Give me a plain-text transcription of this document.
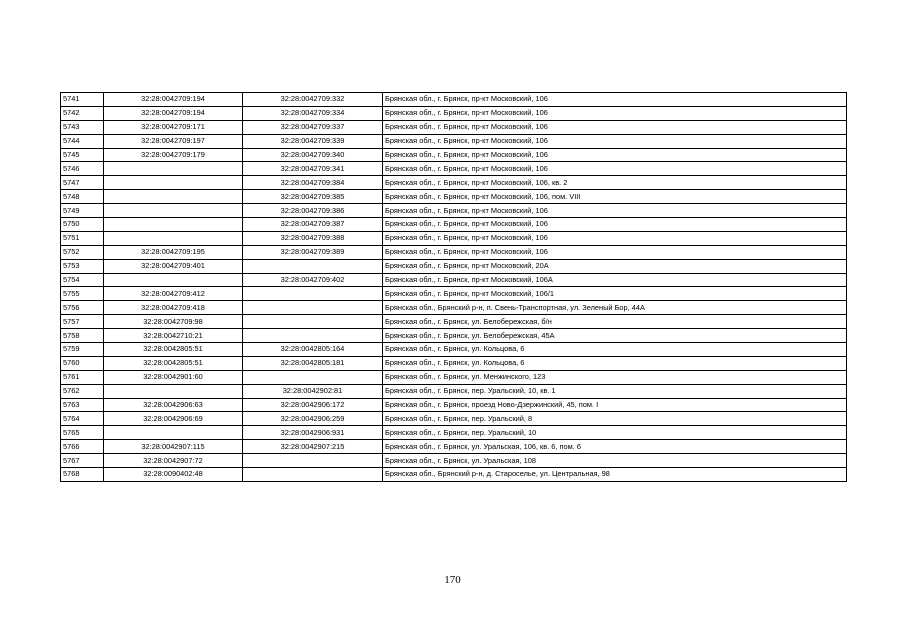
5741	32:28:0042709:194	32:28:0042709:332	Брянская обл., г. Брянск, пр-кт Московский, 106
5742	32:28:0042709:194	32:28:0042709:334	Брянская обл., г. Брянск, пр-кт Московский, 106
5743	32:28:0042709:171	32:28:0042709:337	Брянская обл., г. Брянск, пр-кт Московский, 106
5744	32:28:0042709:197	32:28:0042709:339	Брянская обл., г. Брянск, пр-кт Московский, 106
5745	32:28:0042709:179	32:28:0042709:340	Брянская обл., г. Брянск, пр-кт Московский, 106
5746		32:28:0042709:341	Брянская обл., г. Брянск, пр-кт Московский, 106
5747		32:28:0042709:384	Брянская обл., г. Брянск, пр-кт Московский, 106, кв. 2
5748		32:28:0042709:385	Брянская обл., г. Брянск, пр-кт Московский, 106, пом. VIII
5749		32:28:0042709:386	Брянская обл., г. Брянск, пр-кт Московский, 106
5750		32:28:0042709:387	Брянская обл., г. Брянск, пр-кт Московский, 106
5751		32:28:0042709:388	Брянская обл., г. Брянск, пр-кт Московский, 106
5752	32:28:0042709:195	32:28:0042709:389	Брянская обл., г. Брянск, пр-кт Московский, 106
5753	32:28:0042709:401		Брянская обл., г. Брянск, пр-кт Московский, 20А
5754		32:28:0042709:402	Брянская обл., г. Брянск, пр-кт Московский, 106А
5755	32:28:0042709:412		Брянская обл., г. Брянск, пр-кт Московский, 106/1
5756	32:28:0042709:418		Брянская обл., Брянский р-н, п. Свень-Транспортная, ул. Зеленый Бор, 44А
5757	32:28:0042709:98		Брянская обл., г. Брянск, ул. Белобережская, б/н
5758	32:28:0042710:21		Брянская обл., г. Брянск, ул. Белобережская, 45А
5759	32:28:0042805:51	32:28:0042805:164	Брянская обл., г. Брянск, ул. Кольцова, 6
5760	32:28:0042805:51	32:28:0042805:181	Брянская обл., г. Брянск, ул. Кольцова, 6
5761	32:28:0042901:60		Брянская обл., г. Брянск, ул. Менжинского, 123
5762		32:28:0042902:81	Брянская обл., г. Брянск, пер. Уральский, 10, кв. 1
5763	32:28:0042906:63	32:28:0042906:172	Брянская обл., г. Брянск, проезд Ново-Дзержинский, 45, пом. I
5764	32:28:0042906:69	32:28:0042906:259	Брянская обл., г. Брянск, пер. Уральский, 8
5765		32:28:0042906:931	Брянская обл., г. Брянск, пер. Уральский, 10
5766	32:28:0042907:115	32:28:0042907:215	Брянская обл., г. Брянск, ул. Уральская, 106, кв. 6, пом. 6
5767	32:28:0042907:72		Брянская обл., г. Брянск, ул. Уральская, 108
5768	32:28:0090402:48		Брянская обл., Брянский р-н, д. Староселье, ул. Центральная, 98
170
